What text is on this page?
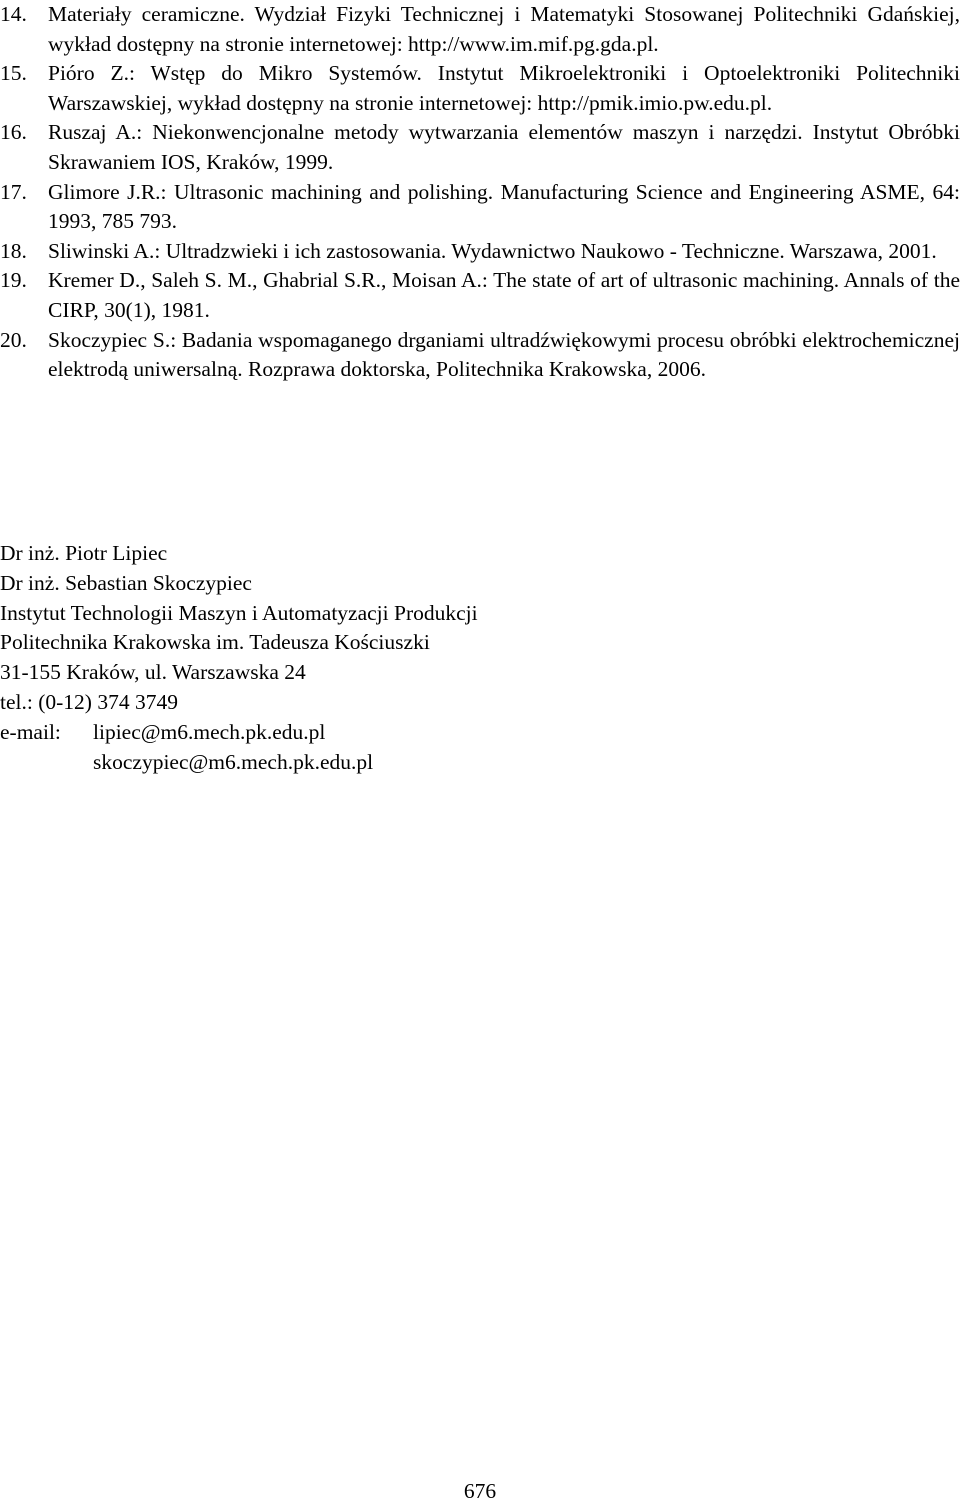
14. Materiały ceramiczne. Wydział Fizyki Technicznej i Matematyki Stosowanej Politechniki Gdańskiej, wykład dostępny na stronie internetowej: http://www.im.mif.pg.gda.pl.
15. Pióro Z.: Wstęp do Mikro Systemów. Instytut Mikroelektroniki i Optoelektroniki Politechniki Warszawskiej, wykład dostępny na stronie internetowej: http://pmik.imio.pw.edu.pl.
16. Ruszaj A.: Niekonwencjonalne metody wytwarzania elementów maszyn i narzędzi. Instytut Obróbki Skrawaniem IOS, Kraków, 1999.
17. Glimore J.R.: Ultrasonic machining and polishing. Manufacturing Science and Engineering ASME, 64: 1993, 785 793.
18. Sliwinski A.: Ultradzwieki i ich zastosowania. Wydawnictwo Naukowo - Techniczne. Warszawa, 2001.
19. Kremer D., Saleh S. M., Ghabrial S.R., Moisan A.: The state of art of ultrasonic machining. Annals of the CIRP, 30(1), 1981.
20. Skoczypiec S.: Badania wspomaganego drganiami ultradźwiękowymi procesu obróbki elektrochemicznej elektrodą uniwersalną. Rozprawa doktorska, Politechnika Krakowska, 2006.
Dr inż. Piotr Lipiec
Dr inż. Sebastian Skoczypiec
Instytut Technologii Maszyn i Automatyzacji Produkcji
Politechnika Krakowska im. Tadeusza Kościuszki
31-155 Kraków, ul. Warszawska 24
tel.: (0-12) 374 3749
e-mail:	lipiec@m6.mech.pk.edu.pl
skoczypiec@m6.mech.pk.edu.pl
676
